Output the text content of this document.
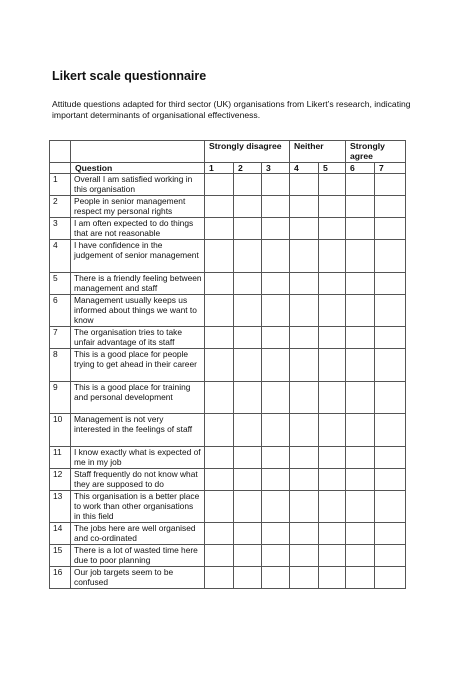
Likert scale questionnaire

Attitude questions adapted for third sector (UK) organisations from Likert’s research, indicating important determinants of organisational effectiveness.

		Strongly disagree			Neither		Strongly agree	
	Question	1	2	3	4	5	6	7
1	Overall I am satisfied working in this organisation							
2	People in senior management respect my personal rights							
3	I am often expected to do things that are not reasonable							
4	I have confidence in the judgement of senior management							
5	There is a friendly feeling between management and staff							
6	Management usually keeps us informed about things we want to know							
7	The organisation tries to take unfair advantage of its staff							
8	This is a good place for people trying to get ahead in their career							
9	This is a good place for training and personal development							
10	Management is not very interested in the feelings of staff							
11	I know exactly what is expected of me in my job							
12	Staff frequently do not know what they are supposed to do							
13	This organisation is a better place to work than other organisations in this field							
14	The jobs here are well organised and co-ordinated							
15	There is a lot of wasted time here due to poor planning							
16	Our job targets seem to be confused							
